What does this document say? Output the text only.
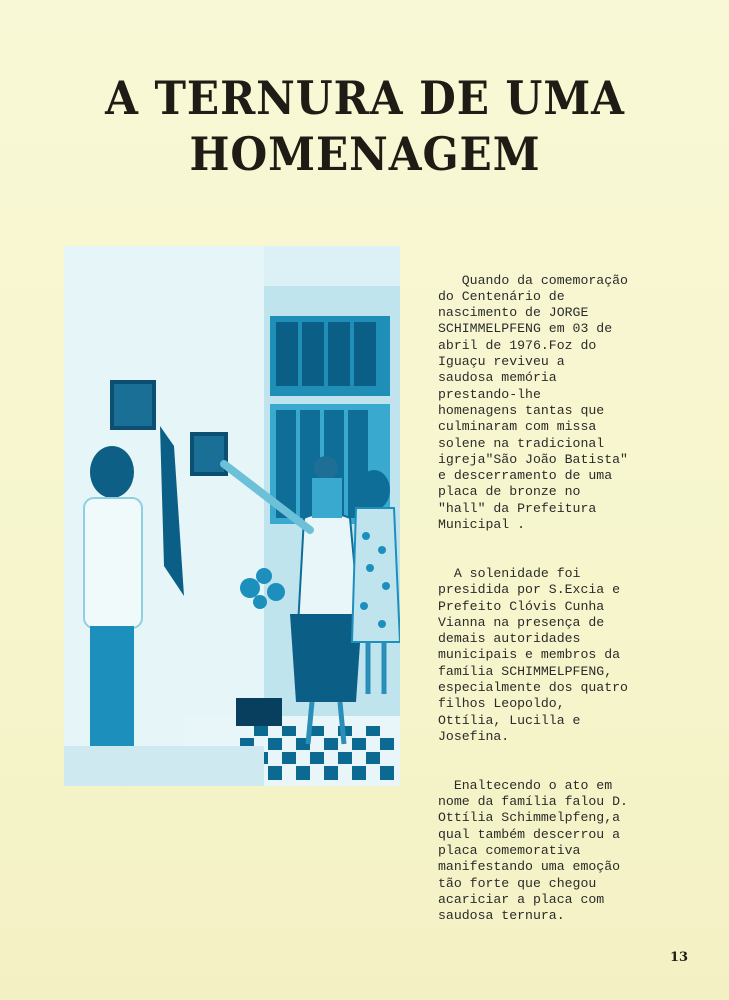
A TERNURA DE UMA
HOMENAGEM

Quando da comemoração
do Centenário de
nascimento de JORGE
SCHIMMELPFENG em 03 de
abril de 1976.Foz do
Iguaçu reviveu a
saudosa memória
prestando-lhe
homenagens tantas que
culminaram com missa
solene na tradicional
igreja"São João Batista"
e descerramento de uma
placa de bronze no
"hall" da Prefeitura
Municipal .

A solenidade foi
presidida por S.Excia e
Prefeito Clóvis Cunha
Vianna na presença de
demais autoridades
municipais e membros da
família SCHIMMELPFENG,
especialmente dos quatro
filhos Leopoldo,
Ottília, Lucilla e
Josefina.

Enaltecendo o ato em
nome da família falou D.
Ottília Schimmelpfeng,a
qual também descerrou a
placa comemorativa
manifestando uma emoção
tão forte que chegou
acariciar a placa com
saudosa ternura.

13
